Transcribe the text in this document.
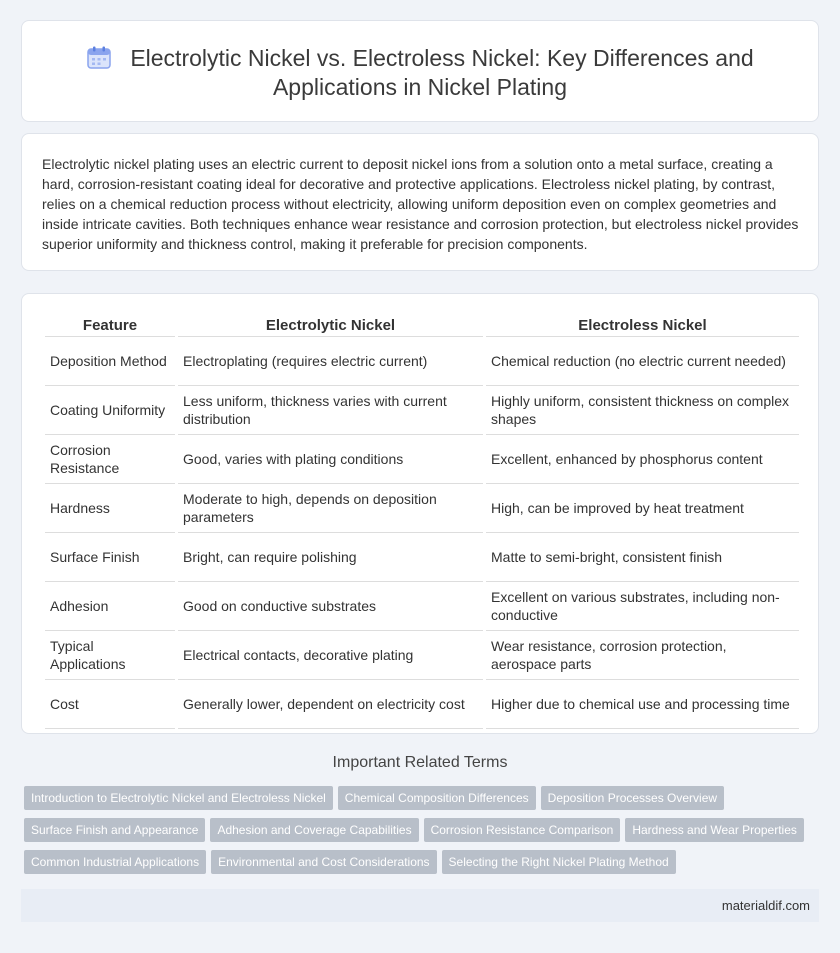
Electrolytic Nickel vs. Electroless Nickel: Key Differences and Applications in Nickel Plating
Electrolytic nickel plating uses an electric current to deposit nickel ions from a solution onto a metal surface, creating a hard, corrosion-resistant coating ideal for decorative and protective applications. Electroless nickel plating, by contrast, relies on a chemical reduction process without electricity, allowing uniform deposition even on complex geometries and inside intricate cavities. Both techniques enhance wear resistance and corrosion protection, but electroless nickel provides superior uniformity and thickness control, making it preferable for precision components.
Feature	Electrolytic Nickel	Electroless Nickel
Deposition Method	Electroplating (requires electric current)	Chemical reduction (no electric current needed)
Coating Uniformity	Less uniform, thickness varies with current distribution	Highly uniform, consistent thickness on complex shapes
Corrosion Resistance	Good, varies with plating conditions	Excellent, enhanced by phosphorus content
Hardness	Moderate to high, depends on deposition parameters	High, can be improved by heat treatment
Surface Finish	Bright, can require polishing	Matte to semi-bright, consistent finish
Adhesion	Good on conductive substrates	Excellent on various substrates, including non-conductive
Typical Applications	Electrical contacts, decorative plating	Wear resistance, corrosion protection, aerospace parts
Cost	Generally lower, dependent on electricity cost	Higher due to chemical use and processing time
Important Related Terms
Introduction to Electrolytic Nickel and Electroless Nickel Chemical Composition Differences Deposition Processes Overview
Surface Finish and Appearance Adhesion and Coverage Capabilities Corrosion Resistance Comparison Hardness and Wear Properties
Common Industrial Applications Environmental and Cost Considerations Selecting the Right Nickel Plating Method
materialdif.com
